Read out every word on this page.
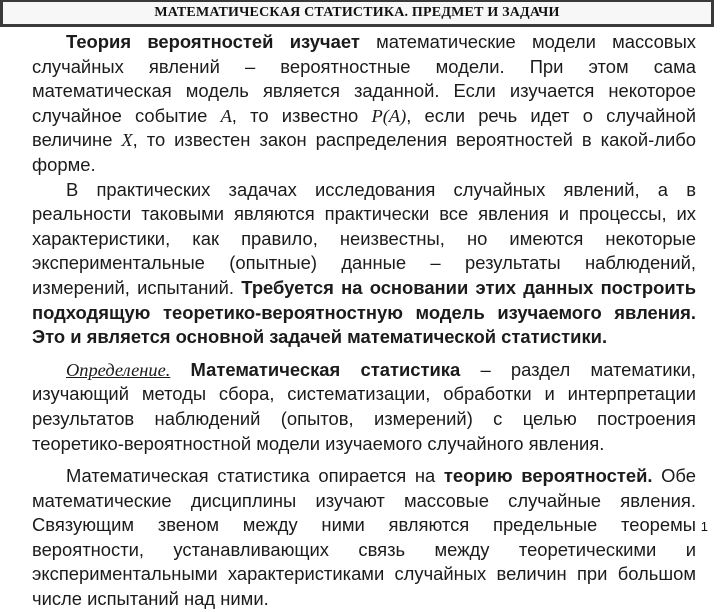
МАТЕМАТИЧЕСКАЯ СТАТИСТИКА. ПРЕДМЕТ И ЗАДАЧИ

Теория вероятностей изучает математические модели массовых случайных явлений – вероятностные модели. При этом сама математическая модель является заданной. Если изучается некоторое случайное событие А, то известно Р(А), если речь идет о случайной величине Х, то известен закон распределения вероятностей в какой-либо форме.

В практических задачах исследования случайных явлений, а в реальности таковыми являются практически все явления и процессы, их характеристики, как правило, неизвестны, но имеются некоторые экспериментальные (опытные) данные – результаты наблюдений, измерений, испытаний. Требуется на основании этих данных построить подходящую теоретико-вероятностную модель изучаемого явления. Это и является основной задачей математической статистики.

Определение. Математическая статистика – раздел математики, изучающий методы сбора, систематизации, обработки и интерпретации результатов наблюдений (опытов, измерений) с целью построения теоретико-вероятностной модели изучаемого случайного явления.

Математическая статистика опирается на теорию вероятностей. Обе математические дисциплины изучают массовые случайные явления. Связующим звеном между ними являются предельные теоремы вероятности, устанавливающих связь между теоретическими и экспериментальными характеристиками случайных величин при большом числе испытаний над ними.

1
